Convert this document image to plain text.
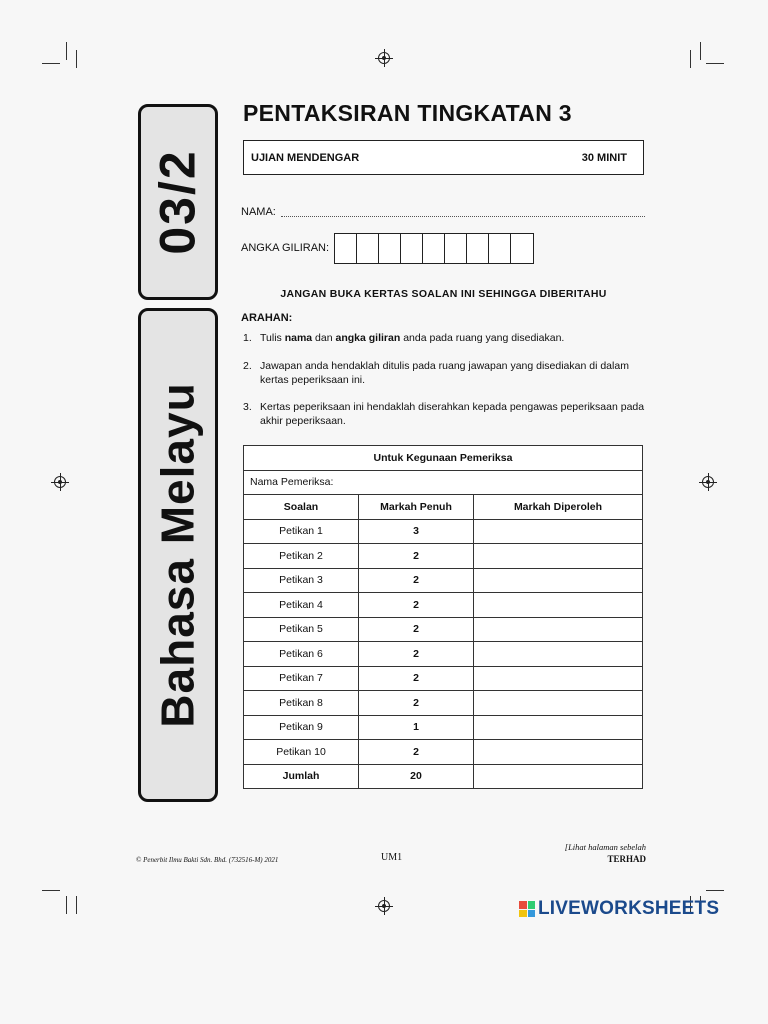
03/2
Bahasa Melayu
PENTAKSIRAN TINGKATAN 3
UJIAN MENDENGAR	30 MINIT
NAMA:
ANGKA GILIRAN:
JANGAN BUKA KERTAS SOALAN INI SEHINGGA DIBERITAHU
ARAHAN:
1. Tulis nama dan angka giliran anda pada ruang yang disediakan.
2. Jawapan anda hendaklah ditulis pada ruang jawapan yang disediakan di dalam kertas peperiksaan ini.
3. Kertas peperiksaan ini hendaklah diserahkan kepada pengawas peperiksaan pada akhir peperiksaan.
Untuk Kegunaan Pemeriksa		
Nama Pemeriksa:		
Soalan	Markah Penuh	Markah Diperoleh
Petikan 1	3	
Petikan 2	2	
Petikan 3	2	
Petikan 4	2	
Petikan 5	2	
Petikan 6	2	
Petikan 7	2	
Petikan 8	2	
Petikan 9	1	
Petikan 10	2	
Jumlah	20	
© Penerbit Ilmu Bakti Sdn. Bhd. (732516-M) 2021	UM1
[Lihat halaman sebelah
TERHAD
LIVEWORKSHEETS
